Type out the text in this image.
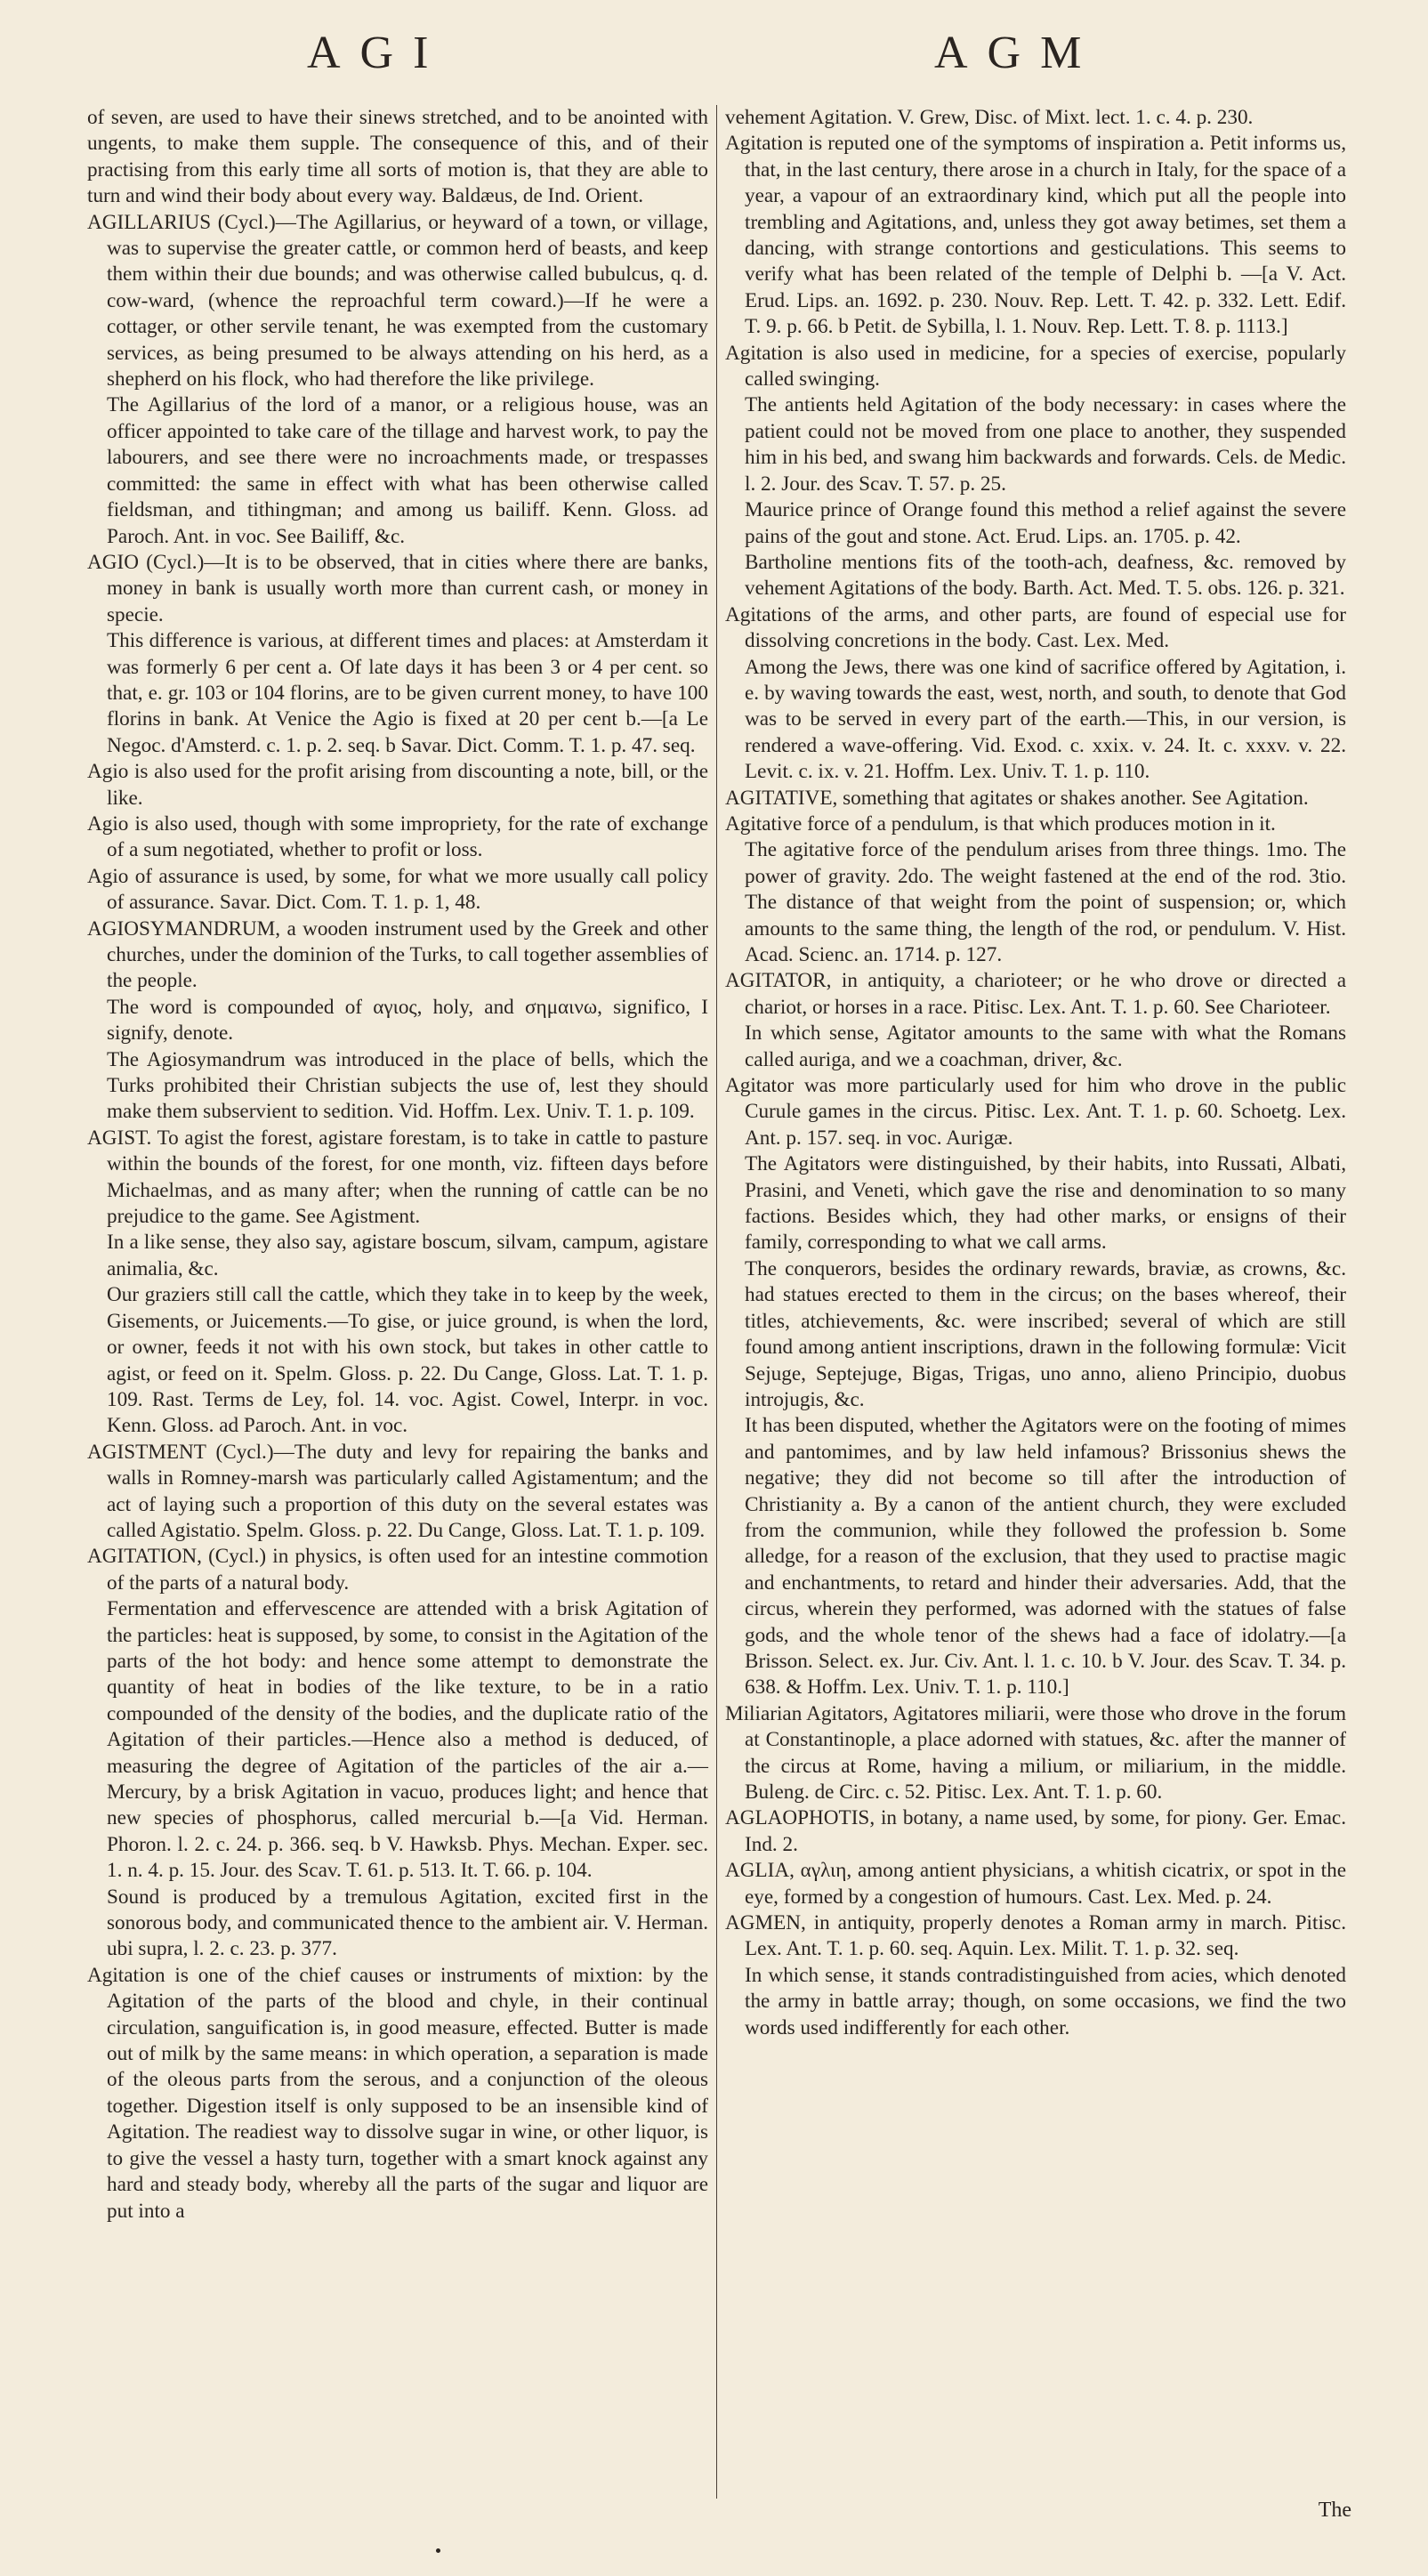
AGI	AGM

of seven, are used to have their sinews stretched, and to be anointed with ungents, to make them supple. The consequence of this, and of their practising from this early time all sorts of motion is, that they are able to turn and wind their body about every way. Baldæus, de Ind. Orient.

AGILLARIUS (Cycl.)—The Agillarius, or heyward of a town, or village, was to supervise the greater cattle, or common herd of beasts, and keep them within their due bounds; and was otherwise called bubulcus, q. d. cow-ward, (whence the reproachful term coward.)—If he were a cottager, or other servile tenant, he was exempted from the customary services, as being presumed to be always attending on his herd, as a shepherd on his flock, who had therefore the like privilege.

The Agillarius of the lord of a manor, or a religious house, was an officer appointed to take care of the tillage and harvest work, to pay the labourers, and see there were no incroachments made, or trespasses committed: the same in effect with what has been otherwise called fieldsman, and tithingman; and among us bailiff. Kenn. Gloss. ad Paroch. Ant. in voc. See Bailiff, &c.

AGIO (Cycl.)—It is to be observed, that in cities where there are banks, money in bank is usually worth more than current cash, or money in specie.

This difference is various, at different times and places: at Amsterdam it was formerly 6 per cent a. Of late days it has been 3 or 4 per cent. so that, e. gr. 103 or 104 florins, are to be given current money, to have 100 florins in bank. At Venice the Agio is fixed at 20 per cent b.—[a Le Negoc. d'Amsterd. c. 1. p. 2. seq. b Savar. Dict. Comm. T. 1. p. 47. seq.

Agio is also used for the profit arising from discounting a note, bill, or the like.

Agio is also used, though with some impropriety, for the rate of exchange of a sum negotiated, whether to profit or loss.

Agio of assurance is used, by some, for what we more usually call policy of assurance. Savar. Dict. Com. T. 1. p. 1, 48.

AGIOSYMANDRUM, a wooden instrument used by the Greek and other churches, under the dominion of the Turks, to call together assemblies of the people.

The word is compounded of αγιος, holy, and σημαινω, significo, I signify, denote.

The Agiosymandrum was introduced in the place of bells, which the Turks prohibited their Christian subjects the use of, lest they should make them subservient to sedition. Vid. Hoffm. Lex. Univ. T. 1. p. 109.

AGIST. To agist the forest, agistare forestam, is to take in cattle to pasture within the bounds of the forest, for one month, viz. fifteen days before Michaelmas, and as many after; when the running of cattle can be no prejudice to the game. See Agistment.

In a like sense, they also say, agistare boscum, silvam, campum, agistare animalia, &c.

Our graziers still call the cattle, which they take in to keep by the week, Gisements, or Juicements.—To gise, or juice ground, is when the lord, or owner, feeds it not with his own stock, but takes in other cattle to agist, or feed on it. Spelm. Gloss. p. 22. Du Cange, Gloss. Lat. T. 1. p. 109. Rast. Terms de Ley, fol. 14. voc. Agist. Cowel, Interpr. in voc. Kenn. Gloss. ad Paroch. Ant. in voc.

AGISTMENT (Cycl.)—The duty and levy for repairing the banks and walls in Romney-marsh was particularly called Agistamentum; and the act of laying such a proportion of this duty on the several estates was called Agistatio. Spelm. Gloss. p. 22. Du Cange, Gloss. Lat. T. 1. p. 109.

AGITATION, (Cycl.) in physics, is often used for an intestine commotion of the parts of a natural body.

Fermentation and effervescence are attended with a brisk Agitation of the particles: heat is supposed, by some, to consist in the Agitation of the parts of the hot body: and hence some attempt to demonstrate the quantity of heat in bodies of the like texture, to be in a ratio compounded of the density of the bodies, and the duplicate ratio of the Agitation of their particles.—Hence also a method is deduced, of measuring the degree of Agitation of the particles of the air a.—Mercury, by a brisk Agitation in vacuo, produces light; and hence that new species of phosphorus, called mercurial b.—[a Vid. Herman. Phoron. l. 2. c. 24. p. 366. seq. b V. Hawksb. Phys. Mechan. Exper. sec. 1. n. 4. p. 15. Jour. des Scav. T. 61. p. 513. It. T. 66. p. 104.

Sound is produced by a tremulous Agitation, excited first in the sonorous body, and communicated thence to the ambient air. V. Herman. ubi supra, l. 2. c. 23. p. 377.

Agitation is one of the chief causes or instruments of mixtion: by the Agitation of the parts of the blood and chyle, in their continual circulation, sanguification is, in good measure, effected. Butter is made out of milk by the same means: in which operation, a separation is made of the oleous parts from the serous, and a conjunction of the oleous together. Digestion itself is only supposed to be an insensible kind of Agitation. The readiest way to dissolve sugar in wine, or other liquor, is to give the vessel a hasty turn, together with a smart knock against any hard and steady body, whereby all the parts of the sugar and liquor are put into a

vehement Agitation. V. Grew, Disc. of Mixt. lect. 1. c. 4. p. 230.

Agitation is reputed one of the symptoms of inspiration a. Petit informs us, that, in the last century, there arose in a church in Italy, for the space of a year, a vapour of an extraordinary kind, which put all the people into trembling and Agitations, and, unless they got away betimes, set them a dancing, with strange contortions and gesticulations. This seems to verify what has been related of the temple of Delphi b. —[a V. Act. Erud. Lips. an. 1692. p. 230. Nouv. Rep. Lett. T. 42. p. 332. Lett. Edif. T. 9. p. 66. b Petit. de Sybilla, l. 1. Nouv. Rep. Lett. T. 8. p. 1113.]

Agitation is also used in medicine, for a species of exercise, popularly called swinging.

The antients held Agitation of the body necessary: in cases where the patient could not be moved from one place to another, they suspended him in his bed, and swang him backwards and forwards. Cels. de Medic. l. 2. Jour. des Scav. T. 57. p. 25.

Maurice prince of Orange found this method a relief against the severe pains of the gout and stone. Act. Erud. Lips. an. 1705. p. 42.

Bartholine mentions fits of the tooth-ach, deafness, &c. removed by vehement Agitations of the body. Barth. Act. Med. T. 5. obs. 126. p. 321.

Agitations of the arms, and other parts, are found of especial use for dissolving concretions in the body. Cast. Lex. Med.

Among the Jews, there was one kind of sacrifice offered by Agitation, i. e. by waving towards the east, west, north, and south, to denote that God was to be served in every part of the earth.—This, in our version, is rendered a wave-offering. Vid. Exod. c. xxix. v. 24. It. c. xxxv. v. 22. Levit. c. ix. v. 21. Hoffm. Lex. Univ. T. 1. p. 110.

AGITATIVE, something that agitates or shakes another. See Agitation.

Agitative force of a pendulum, is that which produces motion in it.

The agitative force of the pendulum arises from three things. 1mo. The power of gravity. 2do. The weight fastened at the end of the rod. 3tio. The distance of that weight from the point of suspension; or, which amounts to the same thing, the length of the rod, or pendulum. V. Hist. Acad. Scienc. an. 1714. p. 127.

AGITATOR, in antiquity, a charioteer; or he who drove or directed a chariot, or horses in a race. Pitisc. Lex. Ant. T. 1. p. 60. See Charioteer.

In which sense, Agitator amounts to the same with what the Romans called auriga, and we a coachman, driver, &c.

Agitator was more particularly used for him who drove in the public Curule games in the circus. Pitisc. Lex. Ant. T. 1. p. 60. Schoetg. Lex. Ant. p. 157. seq. in voc. Aurigæ.

The Agitators were distinguished, by their habits, into Russati, Albati, Prasini, and Veneti, which gave the rise and denomination to so many factions. Besides which, they had other marks, or ensigns of their family, corresponding to what we call arms.

The conquerors, besides the ordinary rewards, braviæ, as crowns, &c. had statues erected to them in the circus; on the bases whereof, their titles, atchievements, &c. were inscribed; several of which are still found among antient inscriptions, drawn in the following formulæ: Vicit Sejuge, Septejuge, Bigas, Trigas, uno anno, alieno Principio, duobus introjugis, &c.

It has been disputed, whether the Agitators were on the footing of mimes and pantomimes, and by law held infamous? Brissonius shews the negative; they did not become so till after the introduction of Christianity a. By a canon of the antient church, they were excluded from the communion, while they followed the profession b. Some alledge, for a reason of the exclusion, that they used to practise magic and enchantments, to retard and hinder their adversaries. Add, that the circus, wherein they performed, was adorned with the statues of false gods, and the whole tenor of the shews had a face of idolatry.—[a Brisson. Select. ex. Jur. Civ. Ant. l. 1. c. 10. b V. Jour. des Scav. T. 34. p. 638. & Hoffm. Lex. Univ. T. 1. p. 110.]

Miliarian Agitators, Agitatores miliarii, were those who drove in the forum at Constantinople, a place adorned with statues, &c. after the manner of the circus at Rome, having a milium, or miliarium, in the middle. Buleng. de Circ. c. 52. Pitisc. Lex. Ant. T. 1. p. 60.

AGLAOPHOTIS, in botany, a name used, by some, for piony. Ger. Emac. Ind. 2.

AGLIA, αγλιη, among antient physicians, a whitish cicatrix, or spot in the eye, formed by a congestion of humours. Cast. Lex. Med. p. 24.

AGMEN, in antiquity, properly denotes a Roman army in march. Pitisc. Lex. Ant. T. 1. p. 60. seq. Aquin. Lex. Milit. T. 1. p. 32. seq.

In which sense, it stands contradistinguished from acies, which denoted the army in battle array; though, on some occasions, we find the two words used indifferently for each other.

The
